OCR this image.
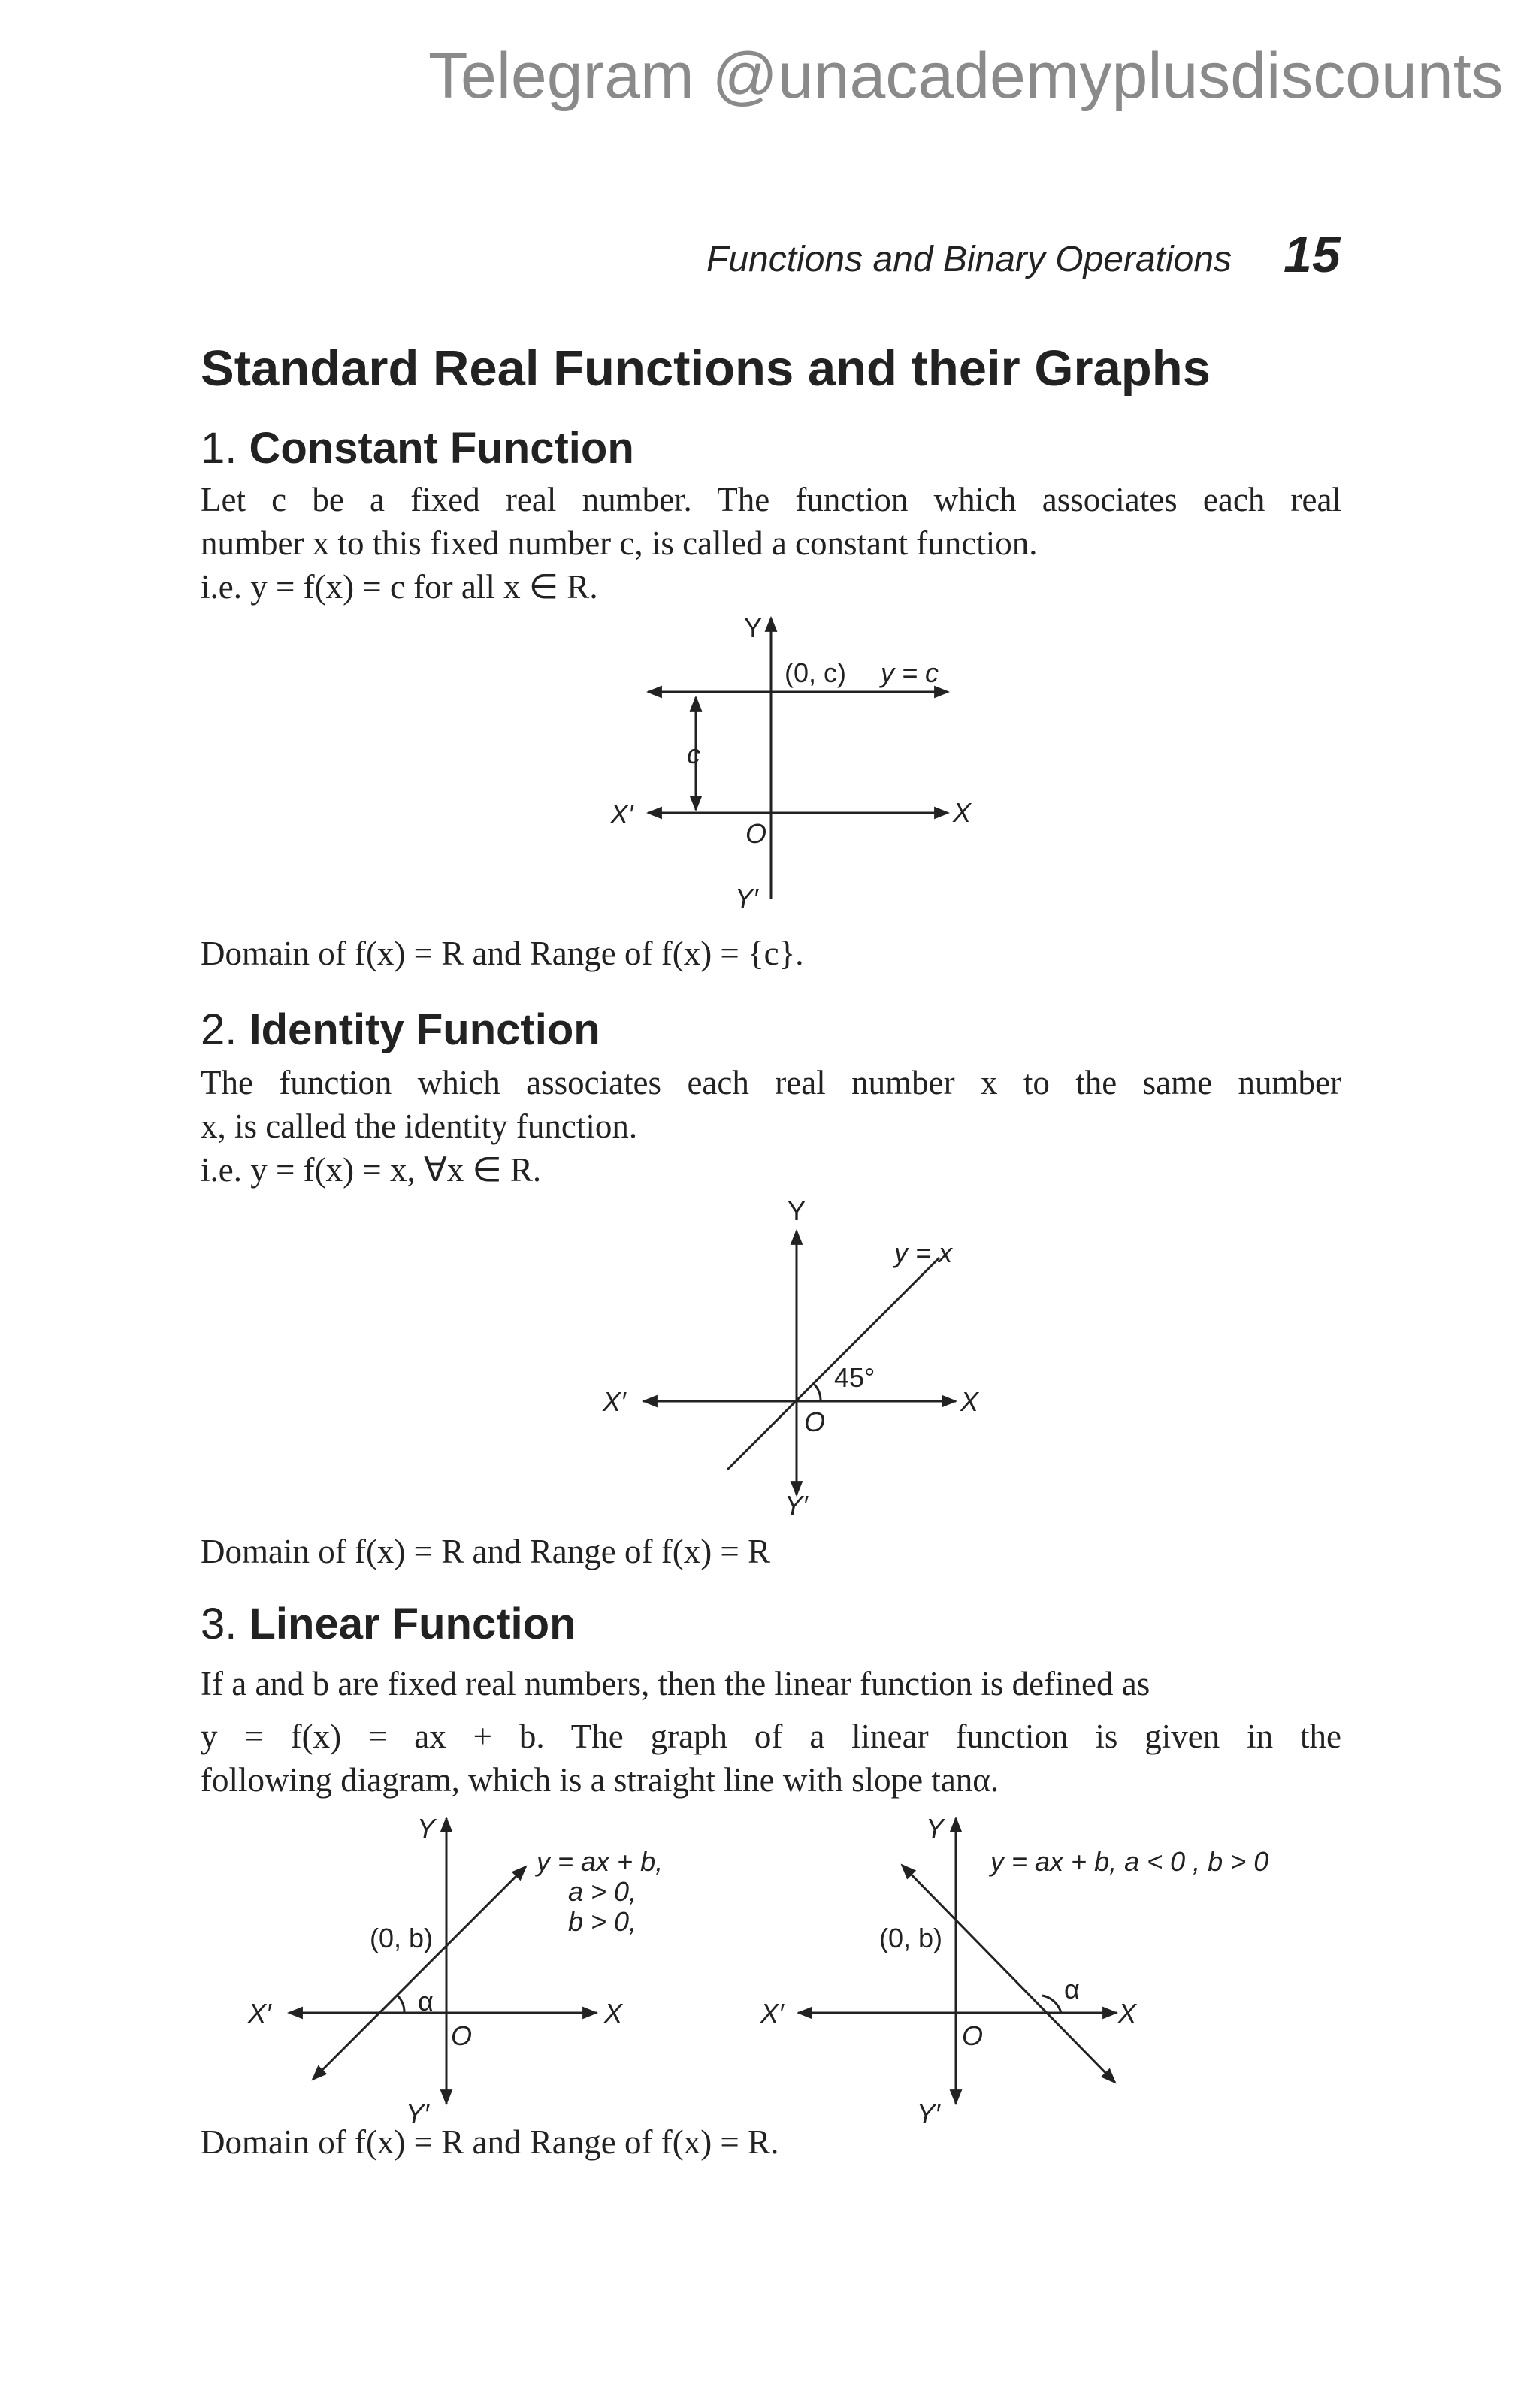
Telegram @unacademyplusdiscounts
Functions and Binary Operations 15
Standard Real Functions and their Graphs
1. Constant Function
Let c be a fixed real number. The function which associates each real
number x to this fixed number c, is called a constant function.
i.e. y = f(x) = c for all x ∈ R.
Y
Y′
X
X′
O
(0, c) y = c
c
Y
Y′
X
X′
O
y = x
45°
Y
Y′
X
X′
O
(0, b)
y = ax + b,
a > 0,
b > 0,
α
Y
Y′
X
X′
O
(0, b)
y = ax + b, a < 0 , b > 0
α
Domain of f(x) = R and Range of f(x) = {c}.
2. Identity Function
The function which associates each real number x to the same number
x, is called the identity function.
i.e. y = f(x) = x, ∀x ∈ R.
Domain of f(x) = R and Range of f(x) = R
3. Linear Function
If a and b are fixed real numbers, then the linear function is defined as
y = f(x) = ax + b. The graph of a linear function is given in the
following diagram, which is a straight line with slope tanα.
Domain of f(x) = R and Range of f(x) = R.
